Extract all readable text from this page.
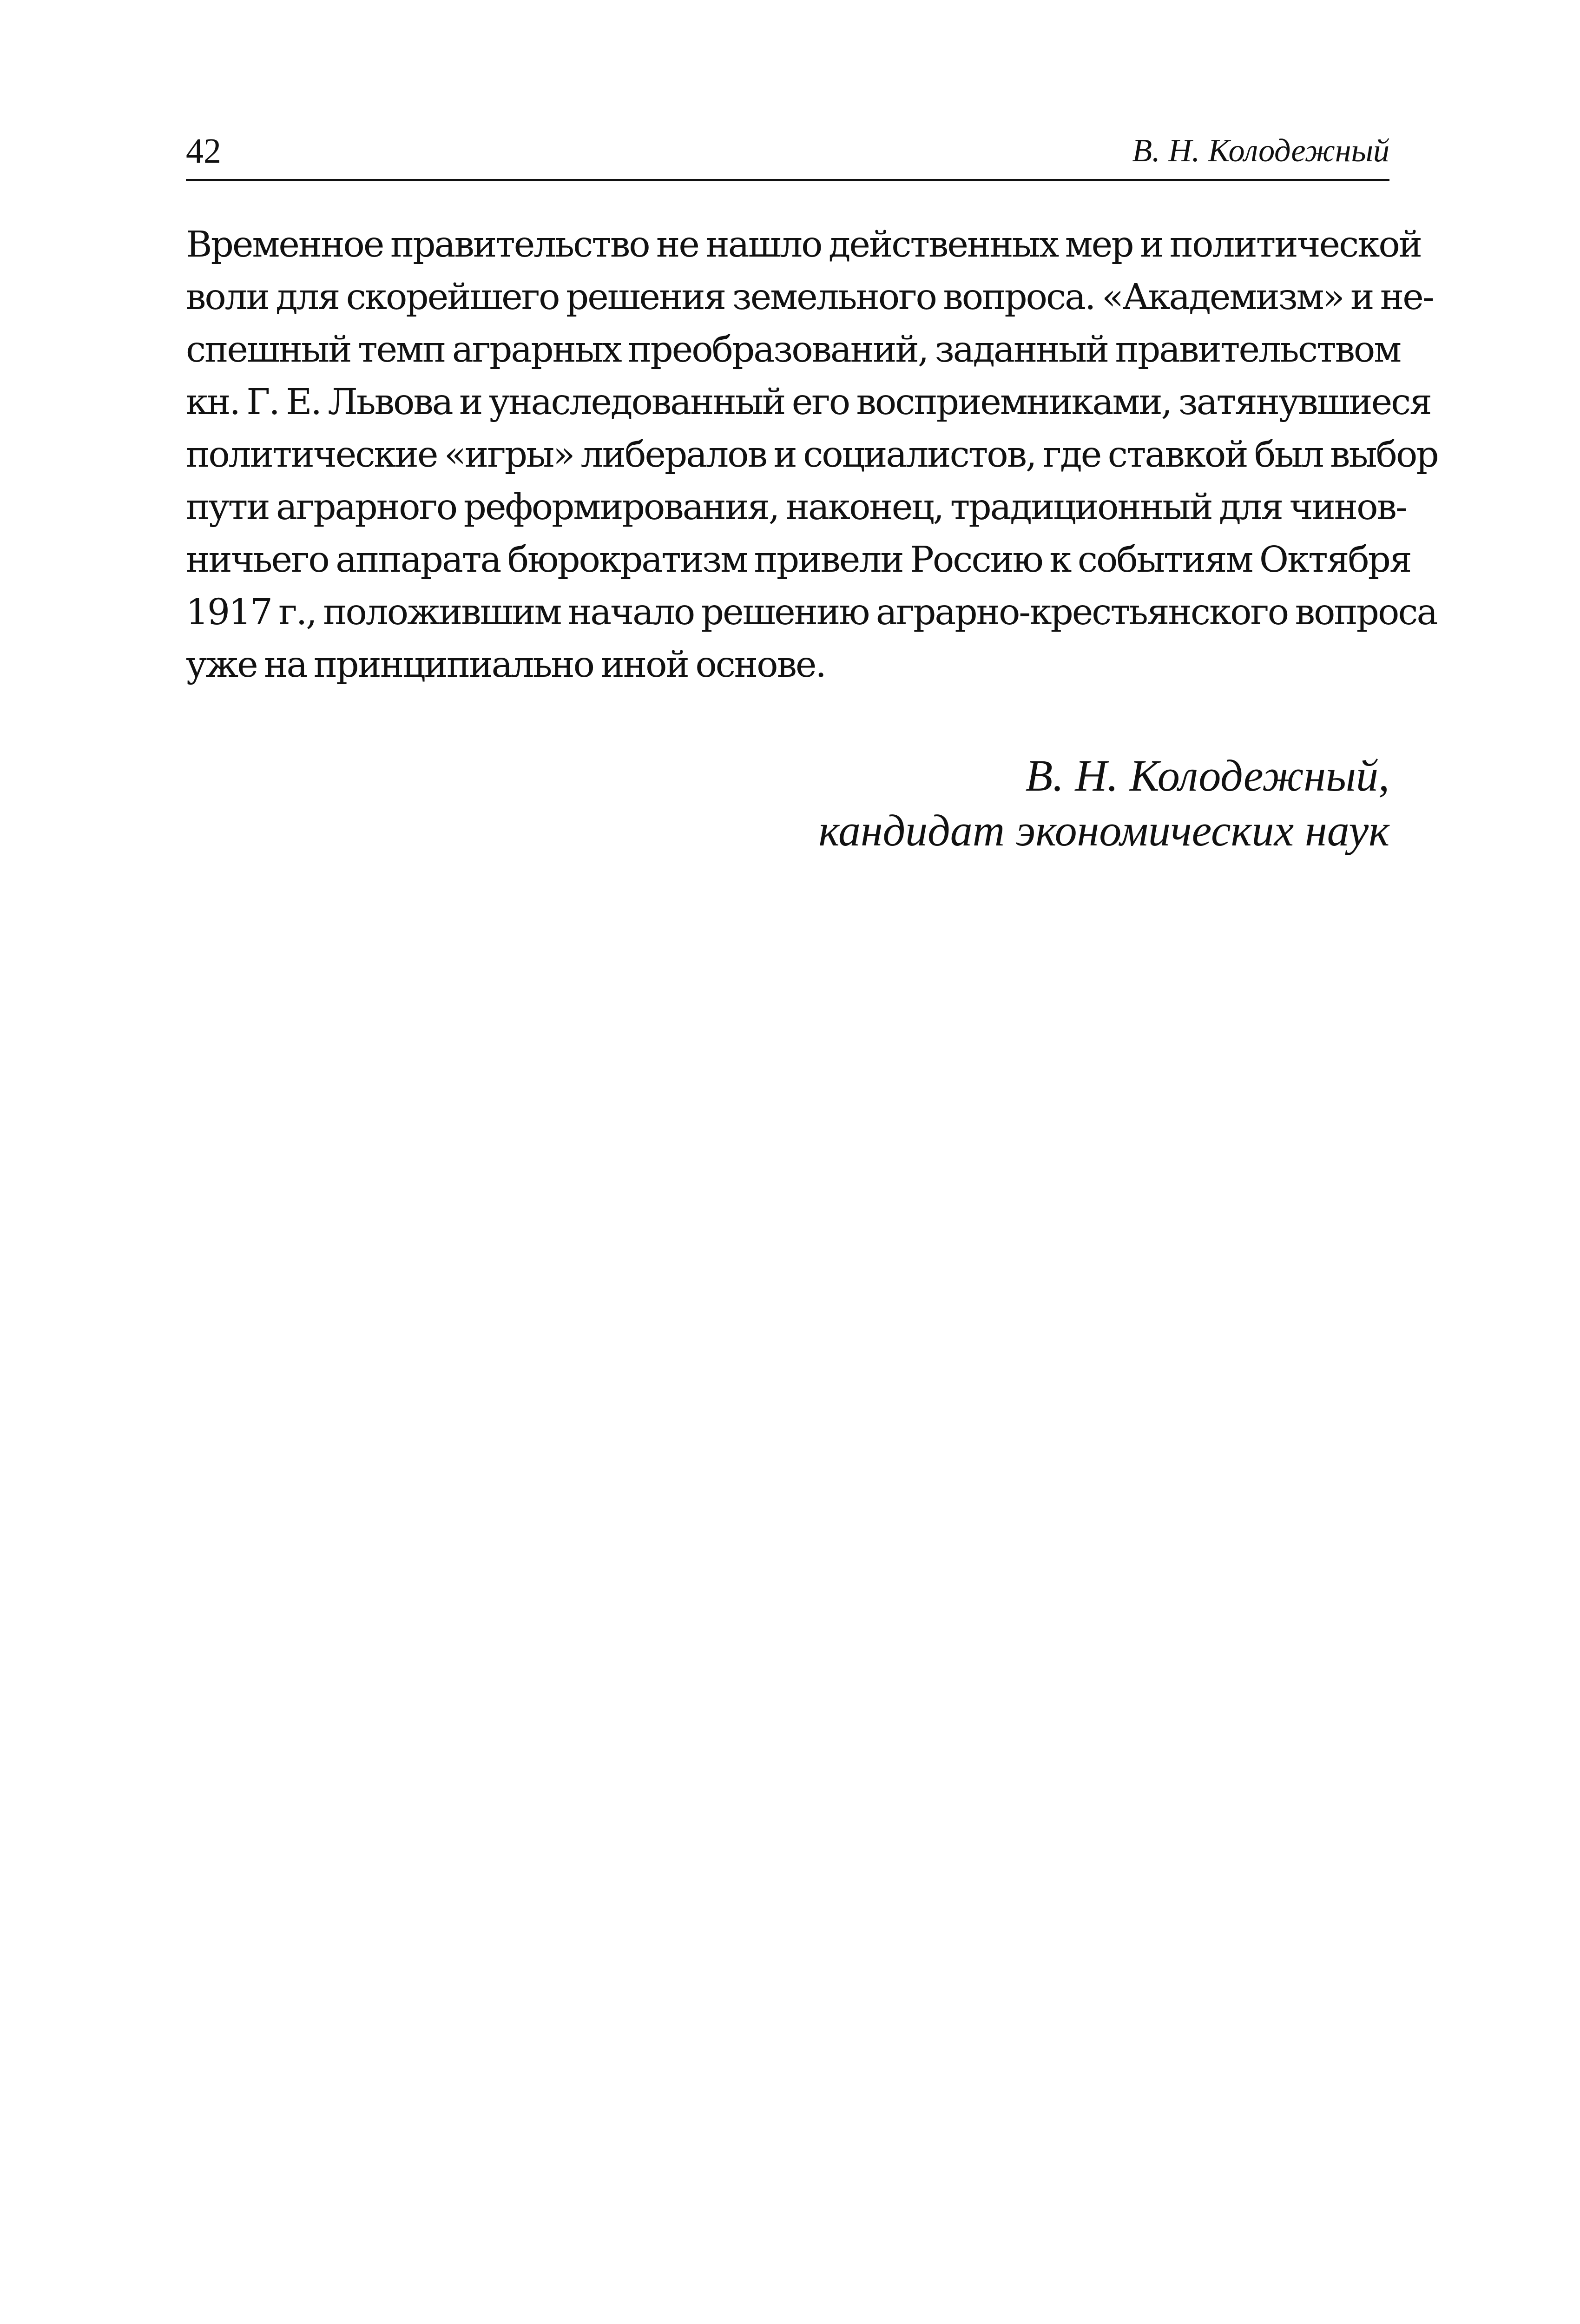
42	В. Н. Колодежный

Временное правительство не нашло действенных мер и политической
воли для скорейшего решения земельного вопроса. «Академизм» и не-
спешный темп аграрных преобразований, заданный правительством
кн. Г. Е. Львова и унаследованный его восприемниками, затянувшиеся
политические «игры» либералов и социалистов, где ставкой был выбор
пути аграрного реформирования, наконец, традиционный для чинов-
ничьего аппарата бюрократизм привели Россию к событиям Октября
1917 г., положившим начало решению аграрно-крестьянского вопроса
уже на принципиально иной основе.

В. Н. Колодежный,
кандидат экономических наук
